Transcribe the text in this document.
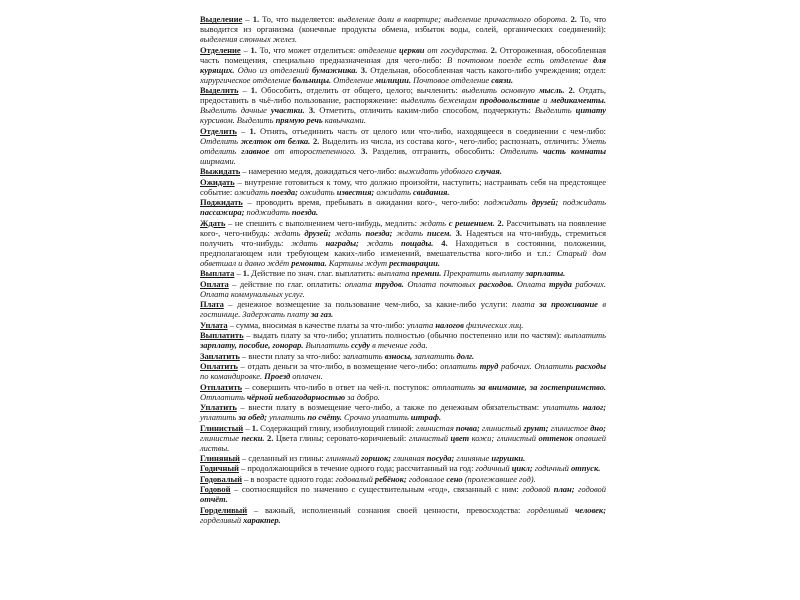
Выделение – 1. То, что выделяется: выделение доли в квартире; выделение причастного оборота. 2. То, что выводится из организма (конечные продукты обмена, избыток воды, солей, органических соединений): выделения слюнных желез.

Отделение – 1. То, что может отделиться: отделение церкви от государства. 2. Отгороженная, обособленная часть помещения, специально предназначенная для чего-либо: В почтовом поезде есть отделение для курящих. Одно из отделений бумажника. 3. Отдельная, обособленная часть какого-либо учреждения; отдел: хирургическое отделение больницы. Отделение милиции. Почтовое отделение связи.

Выделить – 1. Обособить, отделить от общего, целого; вычленить: выделить основную мысль. 2. Отдать, предоставить в чьё-либо пользование, распоряжение: выделить беженцам продовольствие и медикаменты. Выделить дачные участки. 3. Отметить, отличить каким-либо способом, подчеркнуть: Выделить цитату курсивом. Выделить прямую речь кавычками.

Отделить – 1. Отнять, отъединить часть от целого или что-либо, находящееся в соединении с чем-либо: Отделить желток от белка. 2. Выделить из числа, из состава кого-, чего-либо; распознать, отличить: Уметь отделить главное от второстепенного. 3. Разделив, отгранить, обособить: Отделить часть комнаты ширмами.

Выжидать – намеренно медля, дожидаться чего-либо: выжидать удобного случая.

Ожидать – внутренне готовиться к тому, что должно произойти, наступить; настраивать себя на предстоящее событие: ожидать поезда; ожидать известия; ожидать свидания.

Поджидать – проводить время, пребывать в ожидании кого-, чего-либо: поджидать друзей; поджидать пассажира; поджидать поезда.

Ждать – не спешить с выполнением чего-нибудь, медлить: ждать с решением. 2. Рассчитывать на появление кого-, чего-нибудь: ждать друзей; ждать поезда; ждать писем. 3. Надеяться на что-нибудь, стремиться получить что-нибудь: ждать награды; ждать пощады. 4. Находиться в состоянии, положении, предполагающем или требующем каких-либо изменений, вмешательства кого-либо и т.п.: Старый дом обветшал и давно ждёт ремонта. Картины ждут реставрации.

Выплата – 1. Действие по знач. глаг. выплатить: выплата премии. Прекратить выплату зарплаты.

Оплата – действие по глаг. оплатить: оплата трудов. Оплата почтовых расходов. Оплата труда рабочих. Оплата коммунальных услуг.

Плата – денежное возмещение за пользование чем-либо, за какие-либо услуги: плата за проживание в гостинице. Задержать плату за газ.

Уплата – сумма, вносимая в качестве платы за что-либо: уплата налогов физических лиц.

Выплатить – выдать плату за что-либо; уплатить полностью (обычно постепенно или по частям): выплатить зарплату, пособие, гонорар. Выплатить ссуду в течение года.

Заплатить – внести плату за что-либо: заплатить взносы, заплатить долг.

Оплатить – отдать деньги за что-либо, в возмещение чего-либо: оплатить труд рабочих. Оплатить расходы по командировке. Проезд оплачен.

Отплатить – совершить что-либо в ответ на чей-л. поступок: отплатить за внимание, за гостеприимство. Отплатить чёрной неблагодарностью за добро.

Уплатить – внести плату в возмещение чего-либо, а также по денежным обязательствам: уплатить налог; уплатить за обед; уплатить по счёту. Срочно уплатить штраф.

Глинистый – 1. Содержащий глину, изобилующий глиной: глинистая почва; глинистый грунт; глинистое дно; глинистые пески. 2. Цвета глины; серовато-коричневый: глинистый цвет кожи; глинистый оттенок опавшей листвы.

Глиняный – сделанный из глины: глиняный горшок; глиняная посуда; глиняные игрушки.

Годичный – продолжающийся в течение одного года; рассчитанный на год: годичный цикл; годичный отпуск.

Годовалый – в возрасте одного года: годовалый ребёнок; годовалое сено (пролежавшее год).

Годовой – соотносящийся по значению с существительным «год», связанный с ним: годовой план; годовой отчёт.

Горделивый – важный, исполненный сознания своей ценности, превосходства: горделивый человек; горделивый характер.
